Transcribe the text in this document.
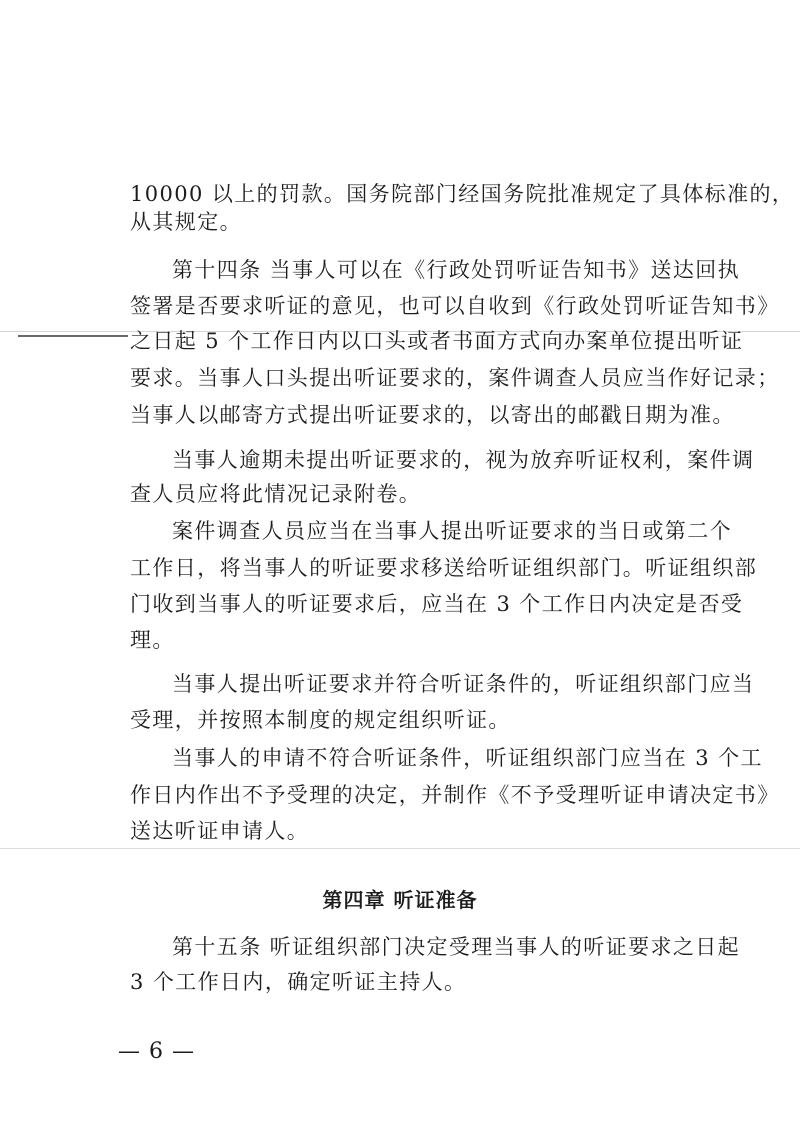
10000 以上的罚款。国务院部门经国务院批准规定了具体标准的，
从其规定。
第十四条 当事人可以在《行政处罚听证告知书》送达回执
签署是否要求听证的意见，也可以自收到《行政处罚听证告知书》
之日起 5 个工作日内以口头或者书面方式向办案单位提出听证
要求。当事人口头提出听证要求的，案件调查人员应当作好记录；
当事人以邮寄方式提出听证要求的，以寄出的邮戳日期为准。
当事人逾期未提出听证要求的，视为放弃听证权利，案件调
查人员应将此情况记录附卷。
案件调查人员应当在当事人提出听证要求的当日或第二个
工作日，将当事人的听证要求移送给听证组织部门。听证组织部
门收到当事人的听证要求后，应当在 3 个工作日内决定是否受
理。
当事人提出听证要求并符合听证条件的，听证组织部门应当
受理，并按照本制度的规定组织听证。
当事人的申请不符合听证条件，听证组织部门应当在 3 个工
作日内作出不予受理的决定，并制作《不予受理听证申请决定书》
送达听证申请人。
第四章 听证准备
第十五条 听证组织部门决定受理当事人的听证要求之日起
3 个工作日内，确定听证主持人。
— 6 —
